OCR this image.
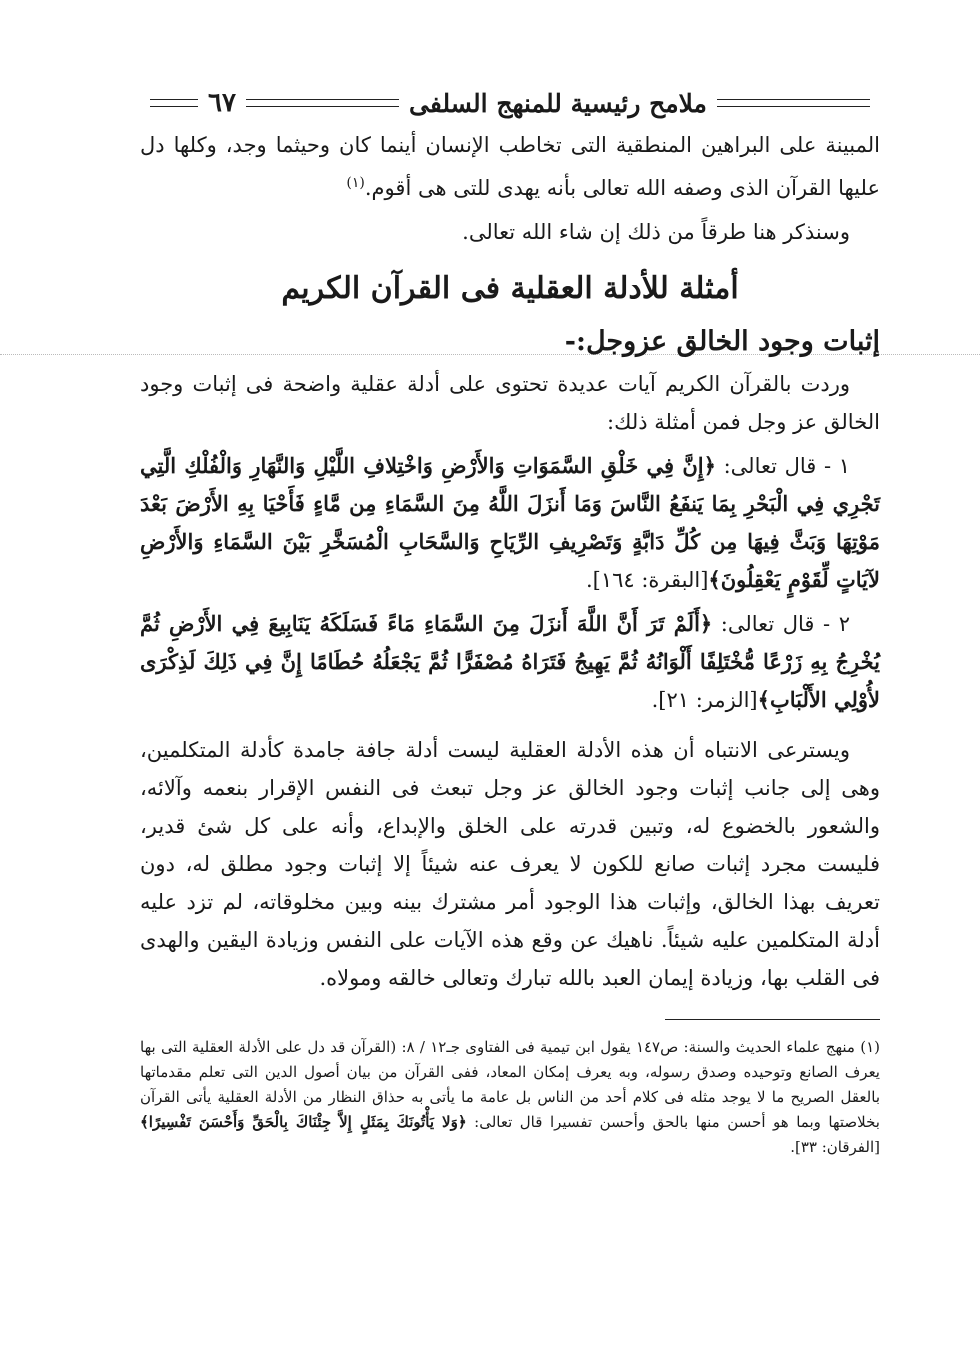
ملامح رئيسية للمنهج السلفى
٦٧

المبينة على البراهين المنطقية التى تخاطب الإنسان أينما كان وحيثما وجد، وكلها دل عليها القرآن الذى وصفه الله تعالى بأنه يهدى للتى هى أقوم.$^{(١)}$

وسنذكر هنا طرقاً من ذلك إن شاء الله تعالى.

أمثلة للأدلة العقلية فى القرآن الكريم
إثبات وجود الخالق عزوجل:-

وردت بالقرآن الكريم آيات عديدة تحتوى على أدلة عقلية واضحة فى إثبات وجود الخالق عز وجل فمن أمثلة ذلك:

١ - قال تعالى: ﴿إِنَّ فِي خَلْقِ السَّمَوَاتِ وَالأَرْضِ وَاخْتِلافِ اللَّيْلِ وَالنَّهَارِ وَالْفُلْكِ الَّتِي تَجْرِي فِي الْبَحْرِ بِمَا يَنفَعُ النَّاسَ وَمَا أَنزَلَ اللَّهُ مِنَ السَّمَاءِ مِن مَّاءٍ فَأَحْيَا بِهِ الأَرْضَ بَعْدَ مَوْتِهَا وَبَثَّ فِيهَا مِن كُلِّ دَابَّةٍ وَتَصْرِيفِ الرِّيَاحِ وَالسَّحَابِ الْمُسَخَّرِ بَيْنَ السَّمَاءِ وَالأَرْضِ لآيَاتٍ لِّقَوْمٍ يَعْقِلُونَ﴾[البقرة: ١٦٤].

٢ - قال تعالى: ﴿أَلَمْ تَرَ أَنَّ اللَّهَ أَنزَلَ مِنَ السَّمَاءِ مَاءً فَسَلَكَهُ يَنَابِيعَ فِي الأَرْضِ ثُمَّ يُخْرِجُ بِهِ زَرْعًا مُّخْتَلِفًا أَلْوَانُهُ ثُمَّ يَهِيجُ فَتَرَاهُ مُصْفَرًّا ثُمَّ يَجْعَلُهُ حُطَامًا إِنَّ فِي ذَلِكَ لَذِكْرَى لأُوْلِي الأَلْبَابِ﴾[الزمر: ٢١].

ويسترعى الانتباه أن هذه الأدلة العقلية ليست أدلة جافة جامدة كأدلة المتكلمين، وهى إلى جانب إثبات وجود الخالق عز وجل تبعث فى النفس الإقرار بنعمه وآلائه، والشعور بالخضوع له، وتبين قدرته على الخلق والإبداع، وأنه على كل شئ قدير، فليست مجرد إثبات صانع للكون لا يعرف عنه شيئاً إلا إثبات وجود مطلق له، دون تعريف بهذا الخالق، وإثبات هذا الوجود أمر مشترك بينه وبين مخلوقاته، لم تزد عليه أدلة المتكلمين عليه شيئاً. ناهيك عن وقع هذه الآيات على النفس وزيادة اليقين والهدى فى القلب بها، وزيادة إيمان العبد بالله تبارك وتعالى خالقه ومولاه.

(١) منهج علماء الحديث والسنة: ص١٤٧ يقول ابن تيمية فى الفتاوى جـ١٢ / ٨: (القرآن قد دل على الأدلة العقلية التى بها يعرف الصانع وتوحيده وصدق رسوله، وبه يعرف إمكان المعاد، ففى القرآن من بيان أصول الدين التى تعلم مقدماتها بالعقل الصريح ما لا يوجد مثله فى كلام أحد من الناس بل عامة ما يأتى به حذاق النظار من الأدلة العقلية يأتى القرآن بخلاصتها وبما هو أحسن منها بالحق وأحسن تفسيرا قال تعالى: ﴿وَلا يَأْتُونَكَ بِمَثَلٍ إِلاَّ جِئْنَاكَ بِالْحَقِّ وَأَحْسَنَ تَفْسِيرًا﴾[الفرقان: ٣٣].
